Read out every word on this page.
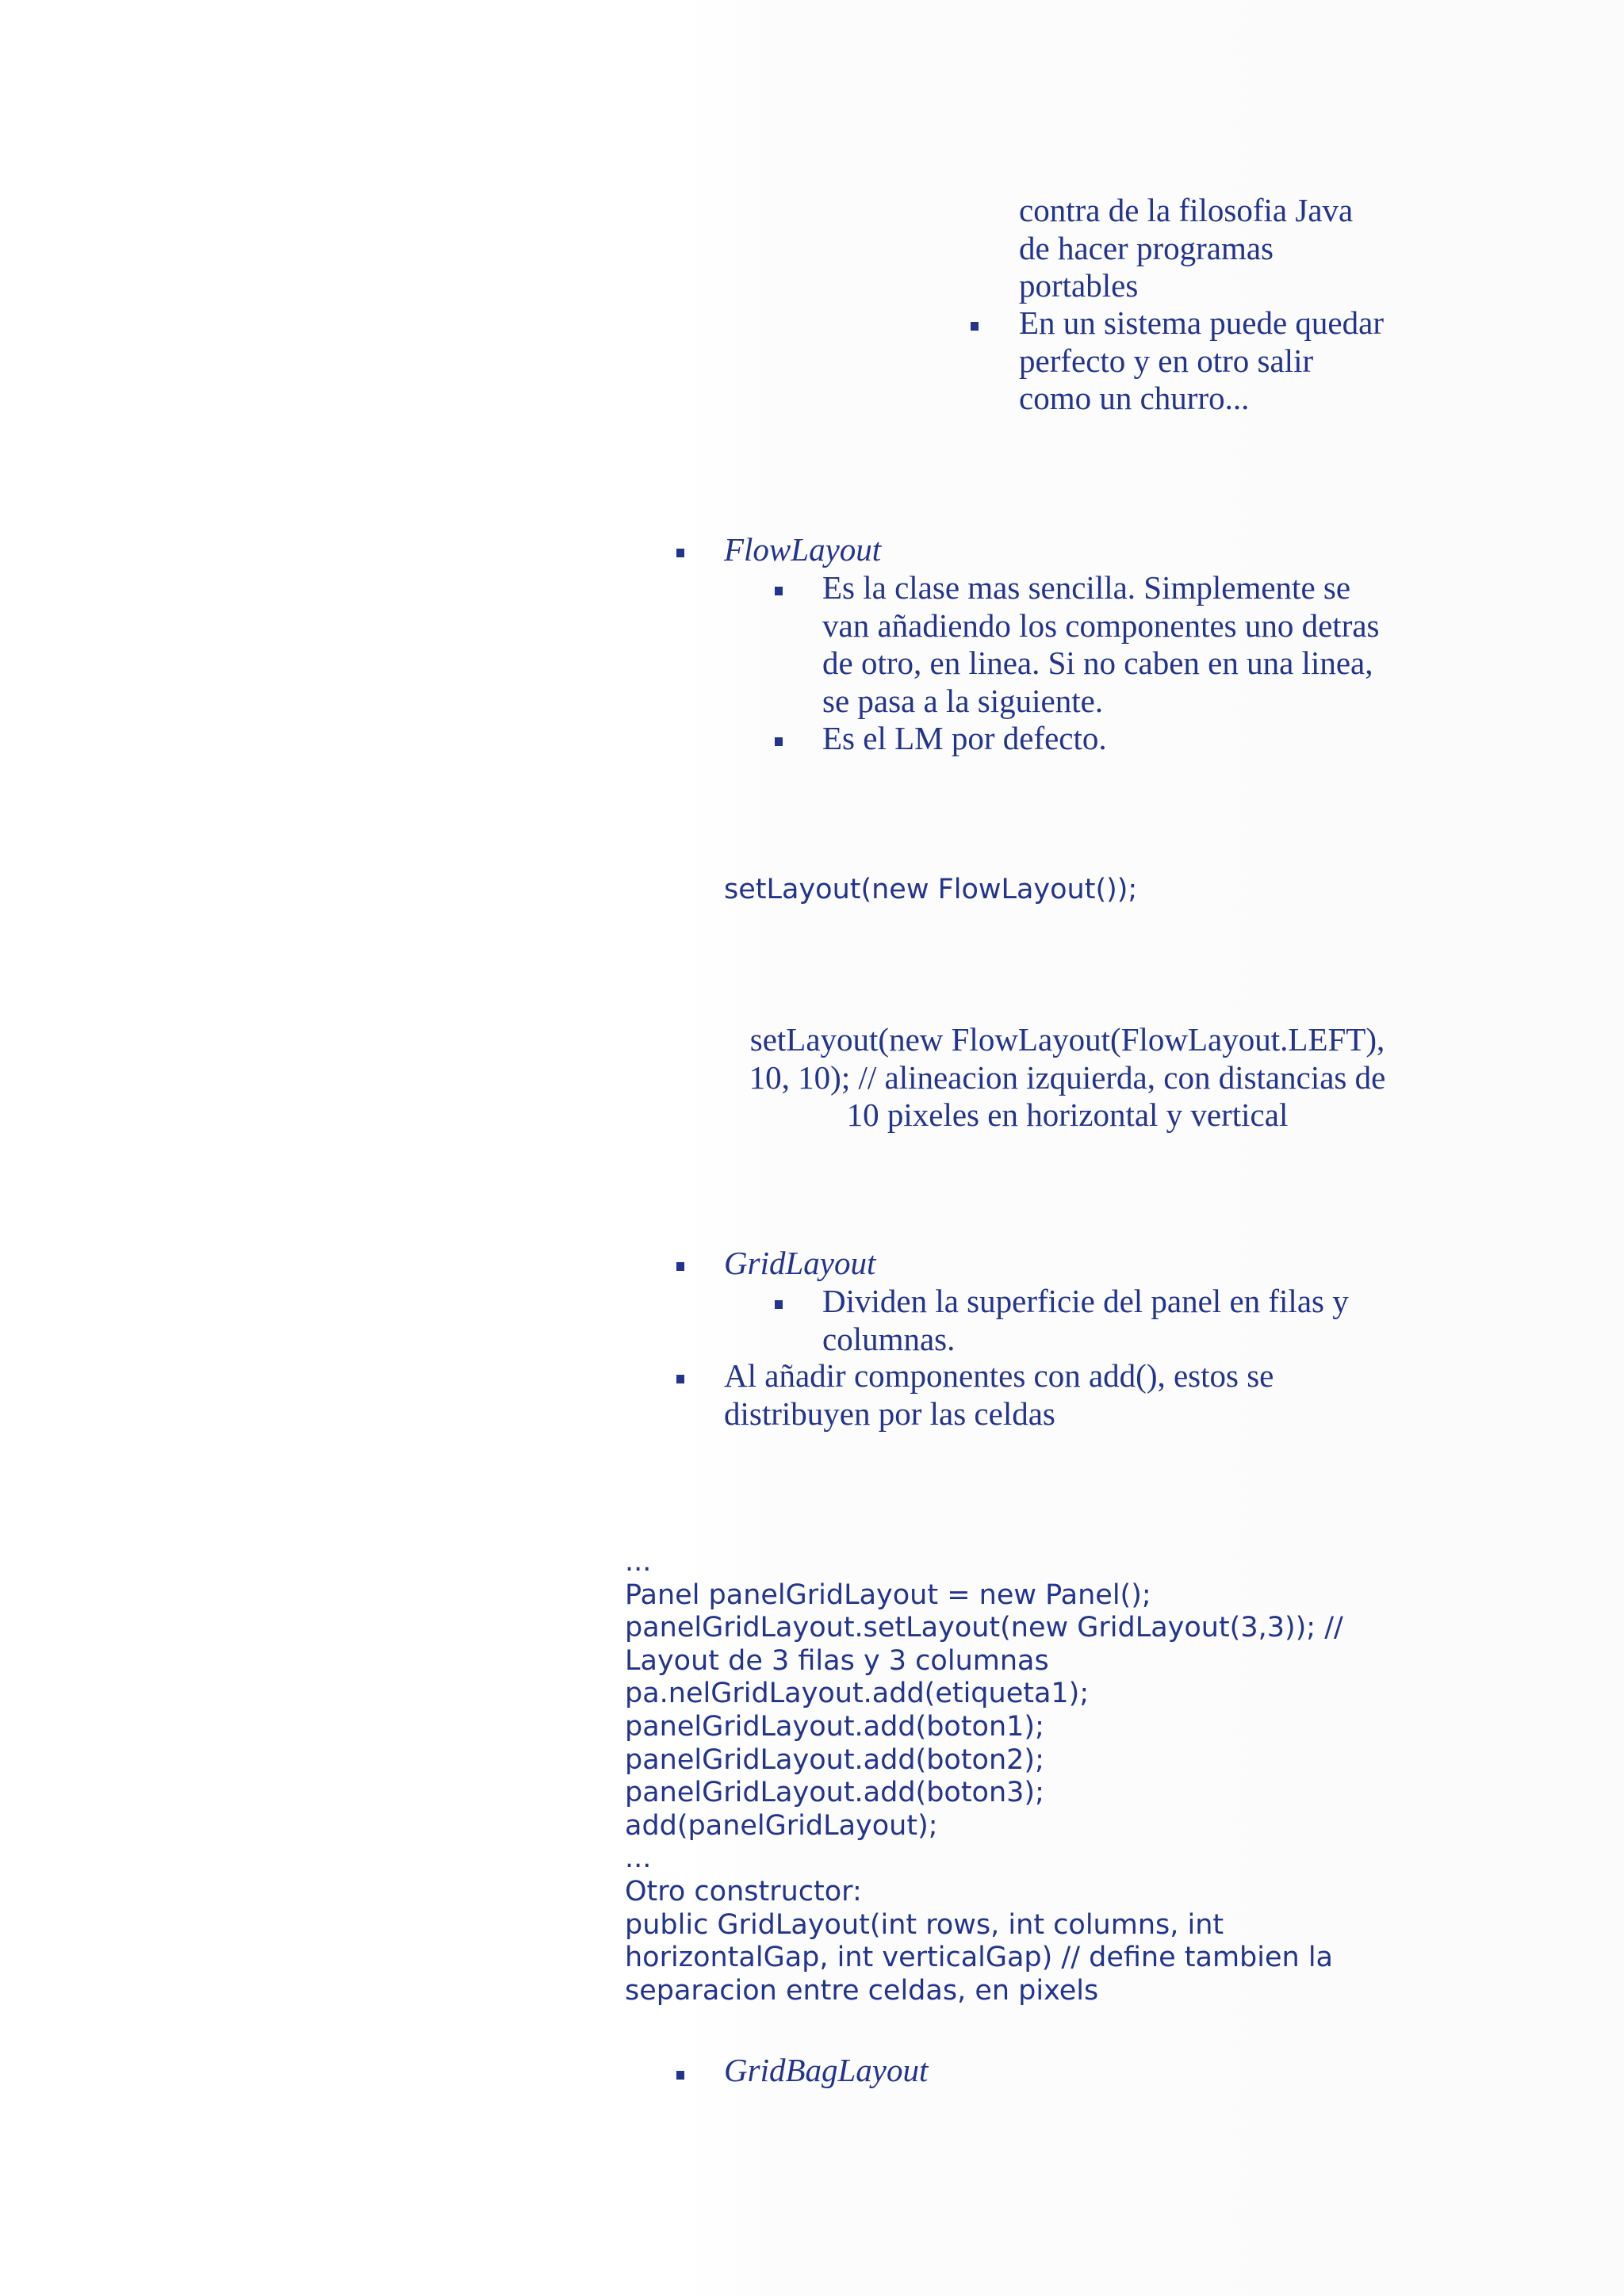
contra de la filosofia Java
de hacer programas
portables
En un sistema puede quedar
perfecto y en otro salir
como un churro...
FlowLayout
Es la clase mas sencilla. Simplemente se
van añadiendo los componentes uno detras
de otro, en linea. Si no caben en una linea,
se pasa a la siguiente.
Es el LM por defecto.
setLayout(new FlowLayout());
setLayout(new FlowLayout(FlowLayout.LEFT),
10, 10); // alineacion izquierda, con distancias de
10 pixeles en horizontal y vertical
GridLayout
Dividen la superficie del panel en filas y
columnas.
Al añadir componentes con add(), estos se
distribuyen por las celdas
...
Panel panelGridLayout = new Panel();
panelGridLayout.setLayout(new GridLayout(3,3)); //
Layout de 3 filas y 3 columnas
pa.nelGridLayout.add(etiqueta1);
panelGridLayout.add(boton1);
panelGridLayout.add(boton2);
panelGridLayout.add(boton3);
add(panelGridLayout);
...
Otro constructor:
public GridLayout(int rows, int columns, int
horizontalGap, int verticalGap) // define tambien la
separacion entre celdas, en pixels
GridBagLayout
